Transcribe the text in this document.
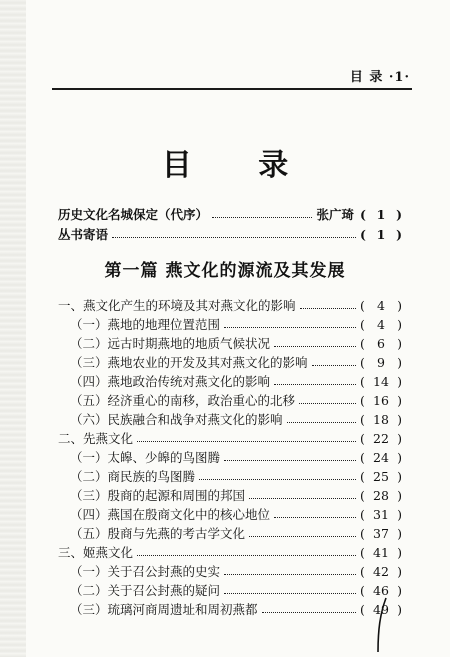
目 录 ·1·
目 录
历史文化名城保定（代序）	张广琦 ( 1 )
丛书寄语	( 1 )
第一篇 燕文化的源流及其发展
一、燕文化产生的环境及其对燕文化的影响	( 4 )
（一）燕地的地理位置范围	( 4 )
（二）远古时期燕地的地质气候状况	( 6 )
（三）燕地农业的开发及其对燕文化的影响	( 9 )
（四）燕地政治传统对燕文化的影响	( 14 )
（五）经济重心的南移，政治重心的北移	( 16 )
（六）民族融合和战争对燕文化的影响	( 18 )
二、先燕文化	( 22 )
（一）太皞、少皞的鸟图腾	( 24 )
（二）商民族的鸟图腾	( 25 )
（三）殷商的起源和周围的邦国	( 28 )
（四）燕国在殷商文化中的核心地位	( 31 )
（五）殷商与先燕的考古学文化	( 37 )
三、姬燕文化	( 41 )
（一）关于召公封燕的史实	( 42 )
（二）关于召公封燕的疑问	( 46 )
（三）琉璃河商周遗址和周初燕都	( 49 )
